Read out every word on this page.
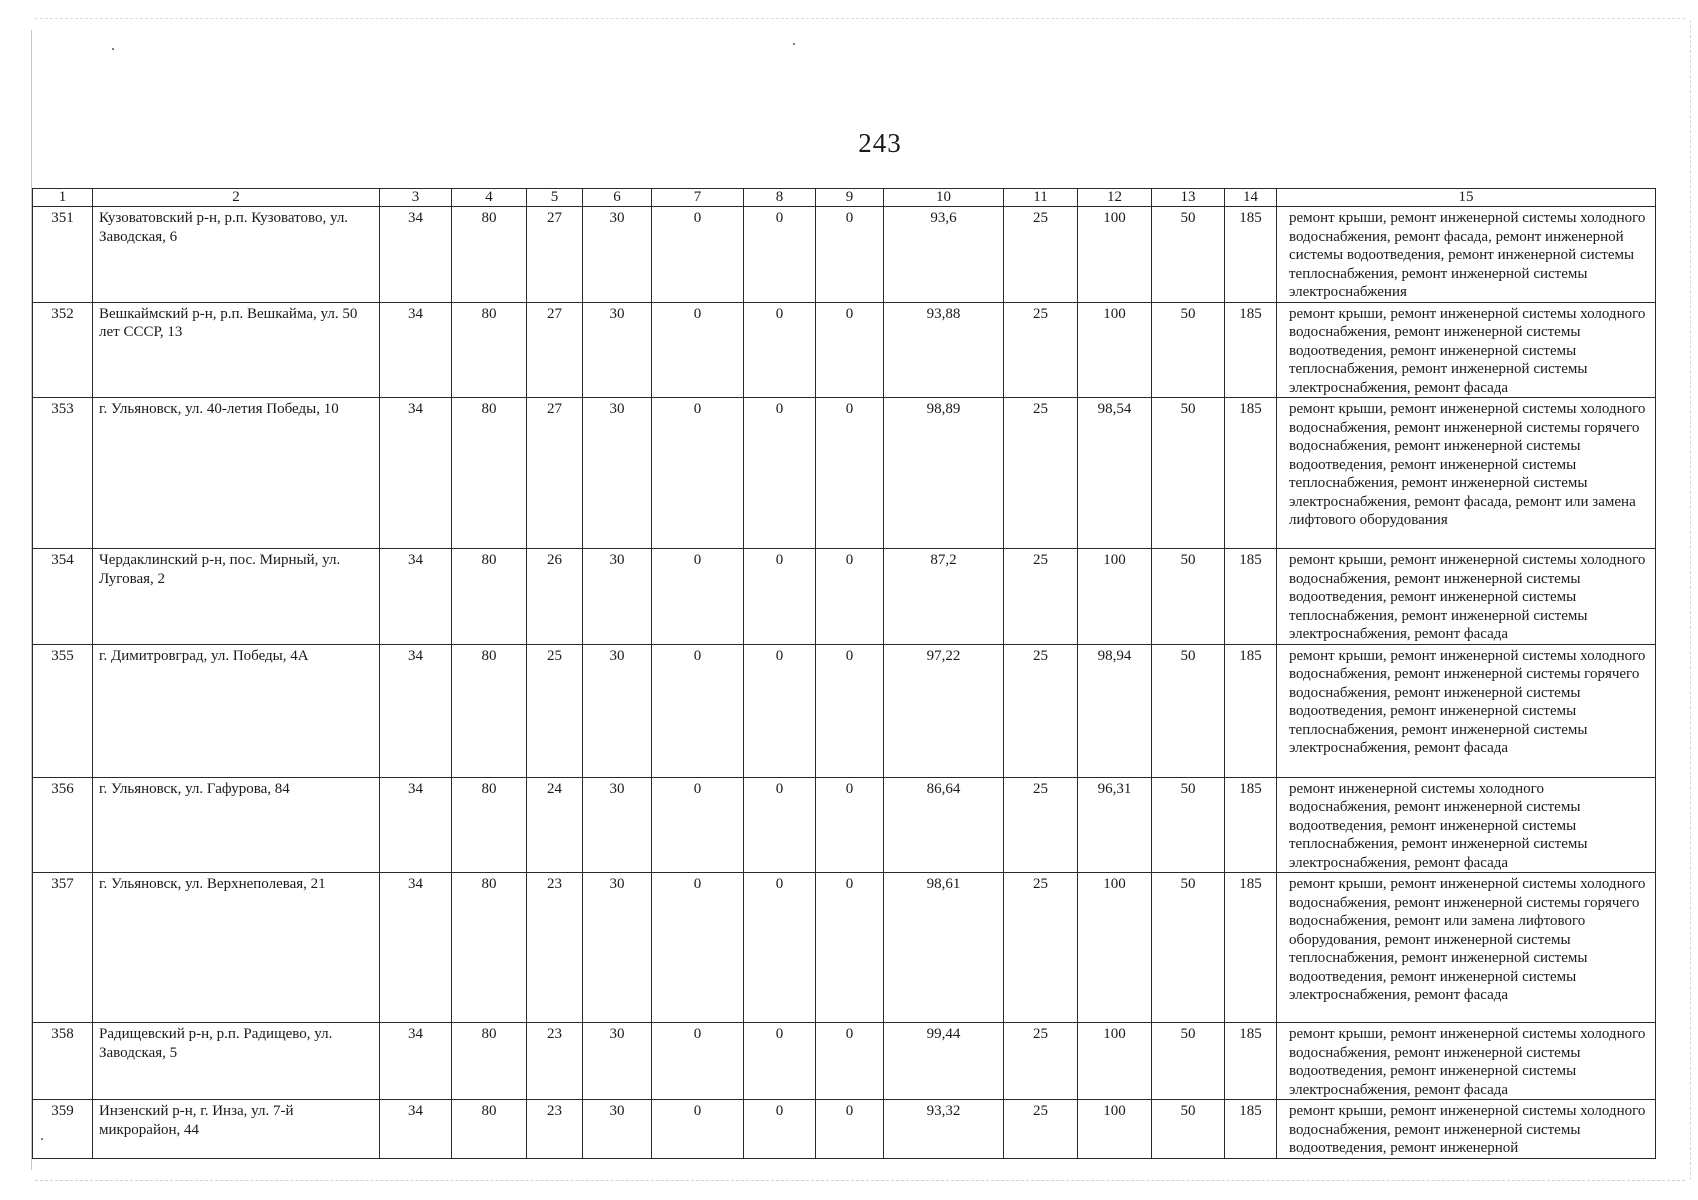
243
1	2	3	4	5	6	7	8	9	10	11	12	13	14	15
351	Кузоватовский р-н, р.п. Кузоватово, ул. Заводская, 6	34	80	27	30	0	0	0	93,6	25	100	50	185	ремонт крыши, ремонт инженерной системы холодного водоснабжения, ремонт фасада, ремонт инженерной системы водоотведения, ремонт инженерной системы теплоснабжения, ремонт инженерной системы электроснабжения
352	Вешкаймский р-н, р.п. Вешкайма, ул. 50 лет СССР, 13	34	80	27	30	0	0	0	93,88	25	100	50	185	ремонт крыши, ремонт инженерной системы холодного водоснабжения, ремонт инженерной системы водоотведения, ремонт инженерной системы теплоснабжения, ремонт инженерной системы электроснабжения, ремонт фасада
353	г. Ульяновск, ул. 40-летия Победы, 10	34	80	27	30	0	0	0	98,89	25	98,54	50	185	ремонт крыши, ремонт инженерной системы холодного водоснабжения, ремонт инженерной системы горячего водоснабжения, ремонт инженерной системы водоотведения, ремонт инженерной системы теплоснабжения, ремонт инженерной системы электроснабжения, ремонт фасада, ремонт или замена лифтового оборудования
354	Чердаклинский р-н, пос. Мирный, ул. Луговая, 2	34	80	26	30	0	0	0	87,2	25	100	50	185	ремонт крыши, ремонт инженерной системы холодного водоснабжения, ремонт инженерной системы водоотведения, ремонт инженерной системы теплоснабжения, ремонт инженерной системы электроснабжения, ремонт фасада
355	г. Димитровград, ул. Победы, 4А	34	80	25	30	0	0	0	97,22	25	98,94	50	185	ремонт крыши, ремонт инженерной системы холодного водоснабжения, ремонт инженерной системы горячего водоснабжения, ремонт инженерной системы водоотведения, ремонт инженерной системы теплоснабжения, ремонт инженерной системы электроснабжения, ремонт фасада
356	г. Ульяновск, ул. Гафурова, 84	34	80	24	30	0	0	0	86,64	25	96,31	50	185	ремонт инженерной системы холодного водоснабжения, ремонт инженерной системы водоотведения, ремонт инженерной системы теплоснабжения, ремонт инженерной системы электроснабжения, ремонт фасада
357	г. Ульяновск, ул. Верхнеполевая, 21	34	80	23	30	0	0	0	98,61	25	100	50	185	ремонт крыши, ремонт инженерной системы холодного водоснабжения, ремонт инженерной системы горячего водоснабжения, ремонт или замена лифтового оборудования, ремонт инженерной системы теплоснабжения, ремонт инженерной системы водоотведения, ремонт инженерной системы электроснабжения, ремонт фасада
358	Радищевский р-н, р.п. Радищево, ул. Заводская, 5	34	80	23	30	0	0	0	99,44	25	100	50	185	ремонт крыши, ремонт инженерной системы холодного водоснабжения, ремонт инженерной системы водоотведения, ремонт инженерной системы электроснабжения, ремонт фасада
359	Инзенский р-н, г. Инза, ул. 7-й микрорайон, 44	34	80	23	30	0	0	0	93,32	25	100	50	185	ремонт крыши, ремонт инженерной системы холодного водоснабжения, ремонт инженерной системы водоотведения, ремонт инженерной
